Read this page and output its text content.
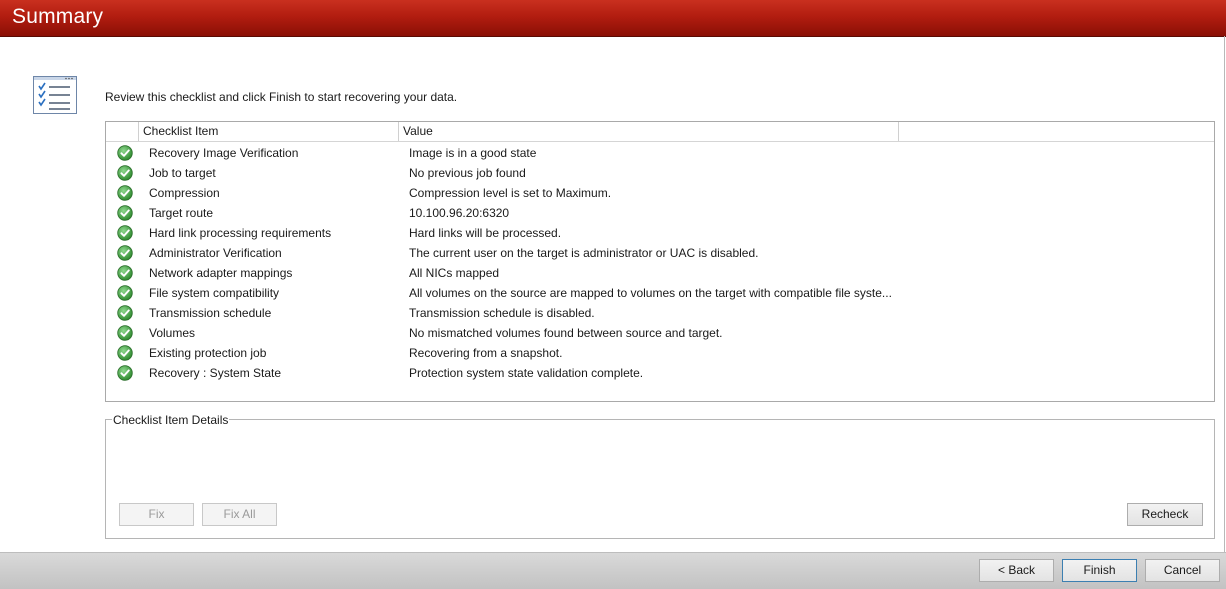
Summary
Review this checklist and click Finish to start recovering your data.
Checklist Item	Value
Recovery Image Verification	Image is in a good state
Job to target	No previous job found
Compression	Compression level is set to Maximum.
Target route	10.100.96.20:6320
Hard link processing requirements	Hard links will be processed.
Administrator Verification	The current user on the target is administrator or UAC is disabled.
Network adapter mappings	All NICs mapped
File system compatibility	All volumes on the source are mapped to volumes on the target with compatible file syste...
Transmission schedule	Transmission schedule is disabled.
Volumes	No mismatched volumes found between source and target.
Existing protection job	Recovering from a snapshot.
Recovery : System State	Protection system state validation complete.
Checklist Item Details
Fix	Fix All	Recheck
< Back	Finish	Cancel
